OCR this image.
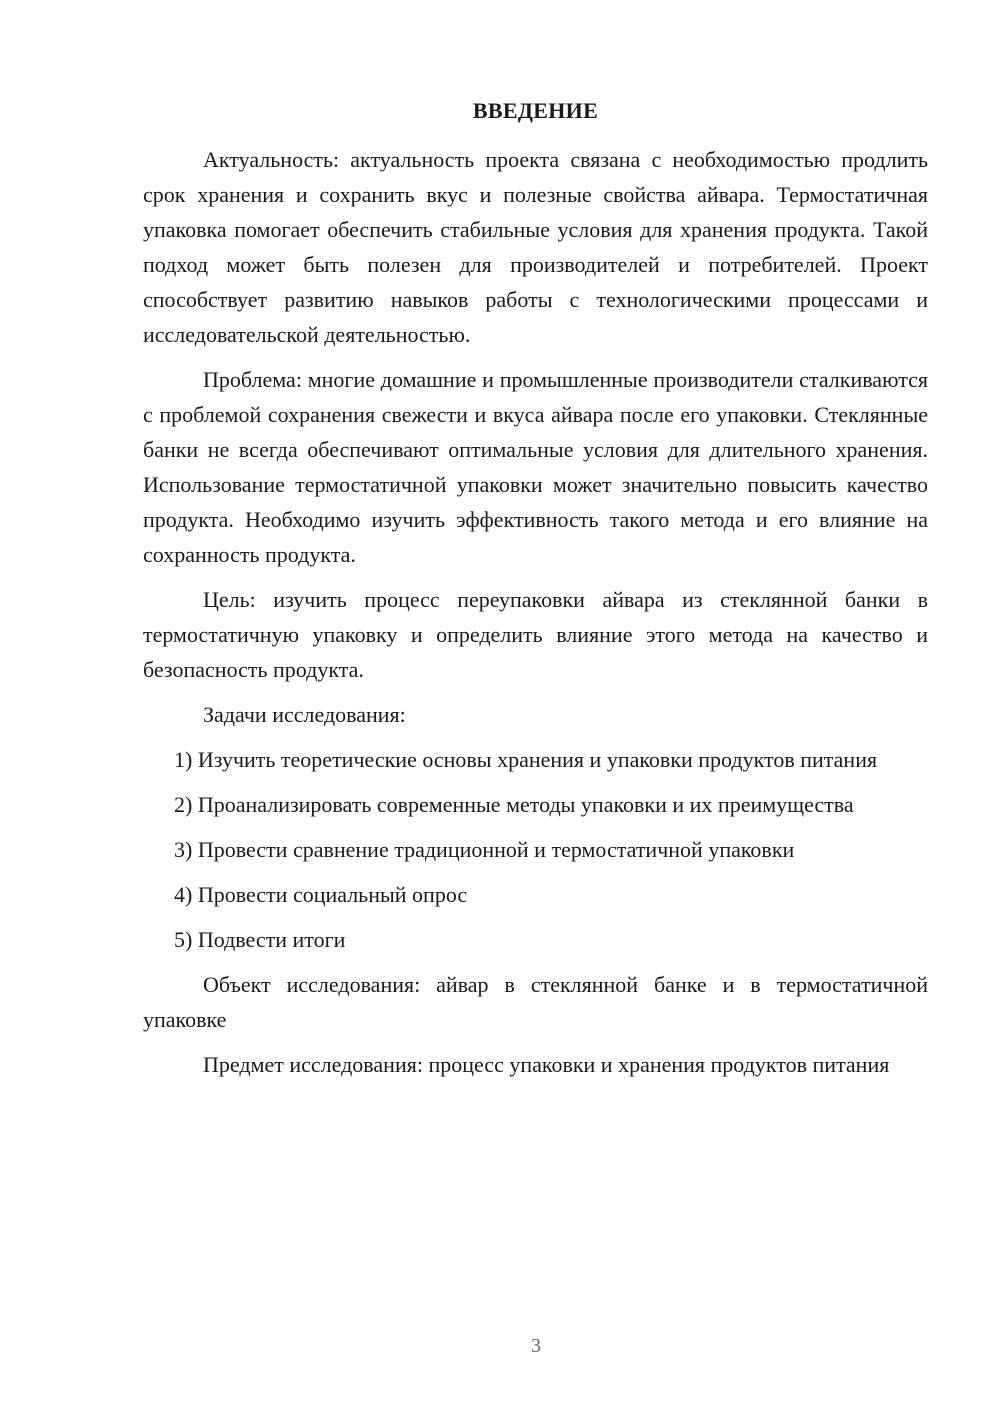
ВВЕДЕНИЕ

Актуальность: актуальность проекта связана с необходимостью продлить срок хранения и сохранить вкус и полезные свойства айвара. Термостатичная упаковка помогает обеспечить стабильные условия для хранения продукта. Такой подход может быть полезен для производителей и потребителей. Проект способствует развитию навыков работы с технологическими процессами и исследовательской деятельностью.

Проблема: многие домашние и промышленные производители сталкиваются с проблемой сохранения свежести и вкуса айвара после его упаковки. Стеклянные банки не всегда обеспечивают оптимальные условия для длительного хранения. Использование термостатичной упаковки может значительно повысить качество продукта. Необходимо изучить эффективность такого метода и его влияние на сохранность продукта.

Цель: изучить процесс переупаковки айвара из стеклянной банки в термостатичную упаковку и определить влияние этого метода на качество и безопасность продукта.

Задачи исследования:

1) Изучить теоретические основы хранения и упаковки продуктов питания

2) Проанализировать современные методы упаковки и их преимущества

3) Провести сравнение традиционной и термостатичной упаковки

4) Провести социальный опрос

5) Подвести итоги

Объект исследования: айвар в стеклянной банке и в термостатичной упаковке

Предмет исследования: процесс упаковки и хранения продуктов питания

3
